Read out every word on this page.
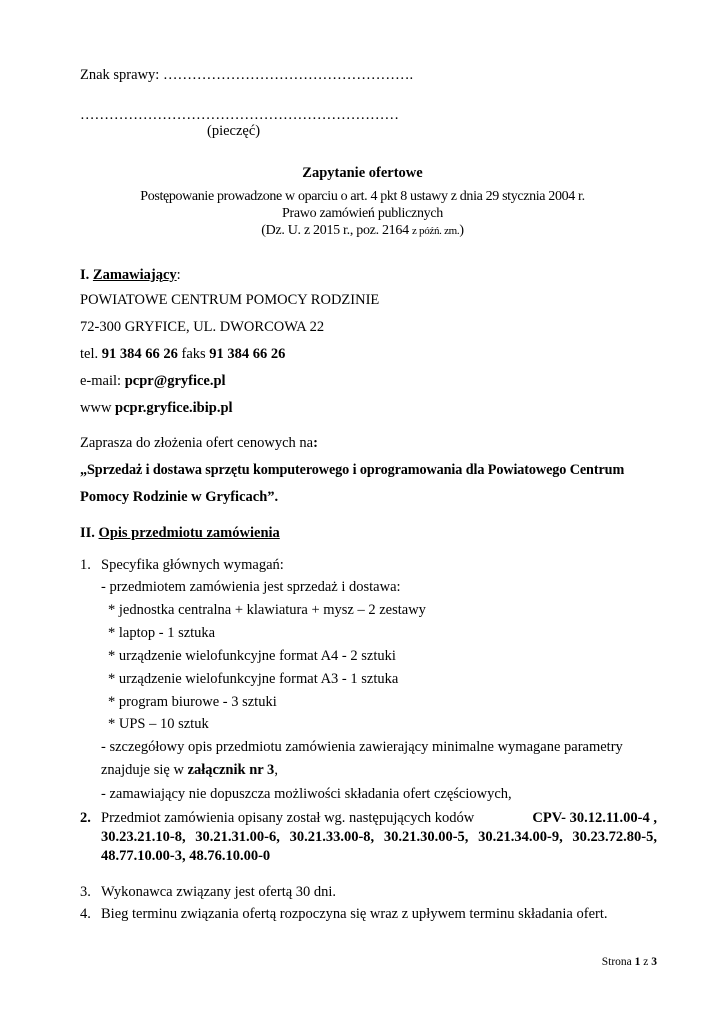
Znak sprawy: …………………………………………….
…………………………………………………………
(pieczęć)
Zapytanie ofertowe
Postępowanie prowadzone w oparciu o art. 4 pkt 8 ustawy z dnia 29 stycznia 2004 r.
Prawo zamówień publicznych
(Dz. U. z 2015 r., poz. 2164 z późń. zm.)
I. Zamawiający:
POWIATOWE CENTRUM POMOCY RODZINIE
72-300 GRYFICE, UL. DWORCOWA 22
tel. 91 384 66 26 faks 91 384 66 26
e-mail: pcpr@gryfice.pl
www pcpr.gryfice.ibip.pl
Zaprasza do złożenia ofert cenowych na:
„Sprzedaż i dostawa sprzętu komputerowego i oprogramowania dla Powiatowego Centrum
Pomocy Rodzinie w Gryficach”.
II. Opis przedmiotu zamówienia
1. Specyfika głównych wymagań:
- przedmiotem zamówienia jest sprzedaż i dostawa:
* jednostka centralna + klawiatura + mysz – 2 zestawy
* laptop - 1 sztuka
* urządzenie wielofunkcyjne format A4 - 2 sztuki
* urządzenie wielofunkcyjne format A3 - 1 sztuka
* program biurowe - 3 sztuki
* UPS – 10 sztuk
- szczegółowy opis przedmiotu zamówienia zawierający minimalne wymagane parametry
znajduje się w załącznik nr 3,
- zamawiający nie dopuszcza możliwości składania ofert częściowych,
2. Przedmiot zamówienia opisany został wg. następujących kodów	CPV- 30.12.11.00-4 ,
30.23.21.10-8, 30.21.31.00-6, 30.21.33.00-8, 30.21.30.00-5, 30.21.34.00-9, 30.23.72.80-5,
48.77.10.00-3, 48.76.10.00-0
3. Wykonawca związany jest ofertą 30 dni.
4. Bieg terminu związania ofertą rozpoczyna się wraz z upływem terminu składania ofert.
Strona 1 z 3
